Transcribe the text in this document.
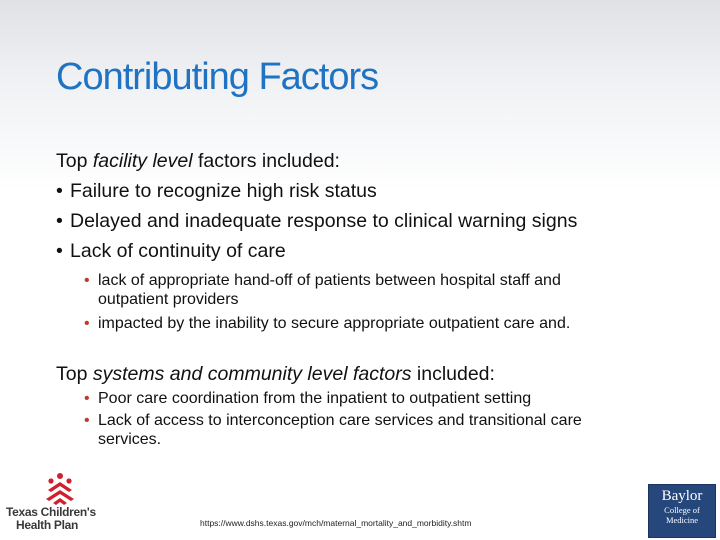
Contributing Factors
Top facility level factors included:
• Failure to recognize high risk status
• Delayed and inadequate response to clinical warning signs
• Lack of continuity of care
• lack of appropriate hand-off of patients between hospital staff and
outpatient providers
• impacted by the inability to secure appropriate outpatient care and.
Top systems and community level factors included:
• Poor care coordination from the inpatient to outpatient setting
• Lack of access to interconception care services and transitional care
services.
Texas Children's
Health Plan	https://www.dshs.texas.gov/mch/maternal_mortality_and_morbidity.shtm
Baylor
College of
Medicine
